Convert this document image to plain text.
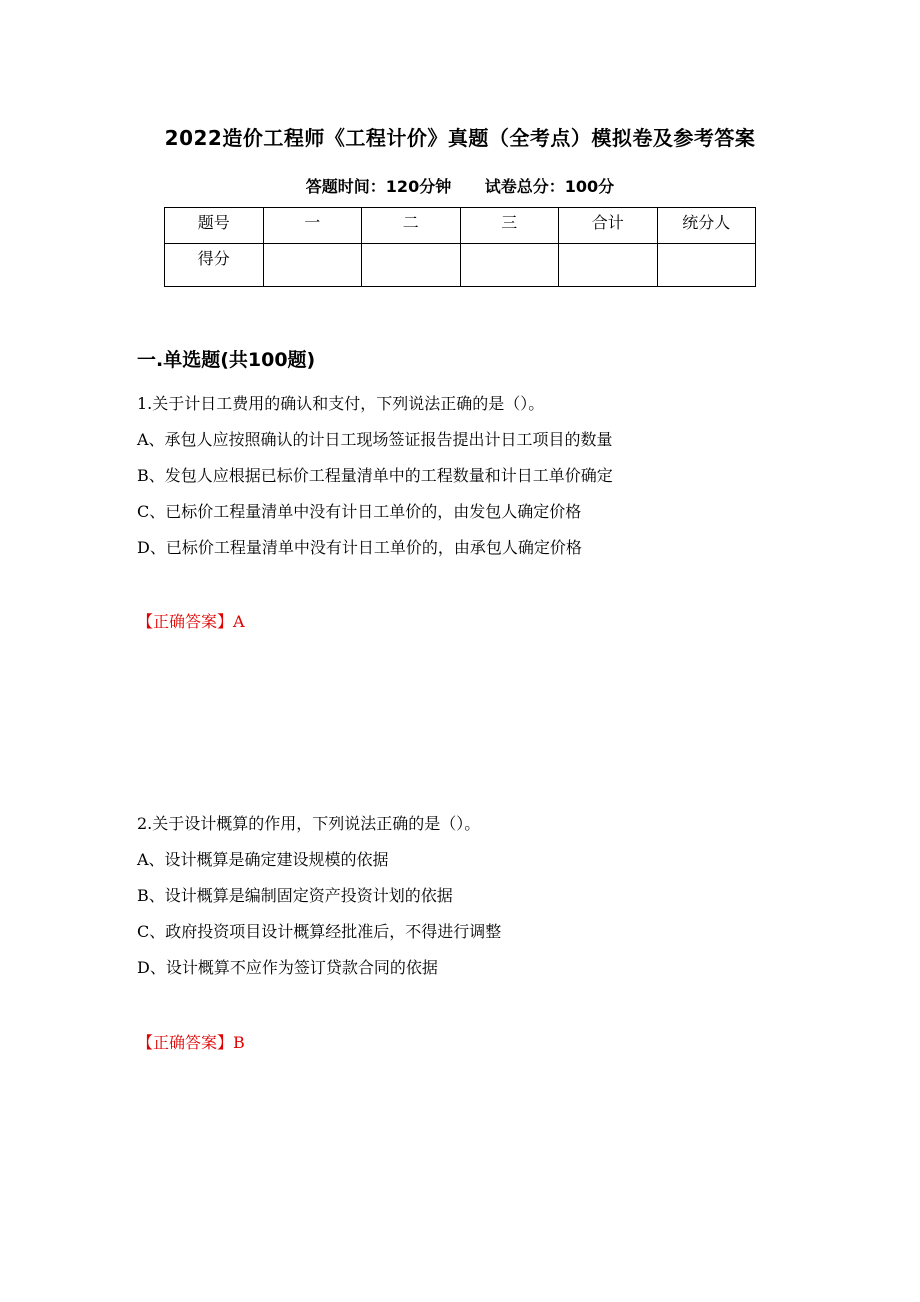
2022造价工程师《工程计价》真题（全考点）模拟卷及参考答案
答题时间：120分钟 试卷总分：100分
题号	一	二	三	合计	统分人
得分					
一.单选题(共100题)
1.关于计日工费用的确认和支付，下列说法正确的是（）。
A、承包人应按照确认的计日工现场签证报告提出计日工项目的数量
B、发包人应根据已标价工程量清单中的工程数量和计日工单价确定
C、已标价工程量清单中没有计日工单价的，由发包人确定价格
D、已标价工程量清单中没有计日工单价的，由承包人确定价格
【正确答案】A
2.关于设计概算的作用，下列说法正确的是（）。
A、设计概算是确定建设规模的依据
B、设计概算是编制固定资产投资计划的依据
C、政府投资项目设计概算经批准后，不得进行调整
D、设计概算不应作为签订贷款合同的依据
【正确答案】B
